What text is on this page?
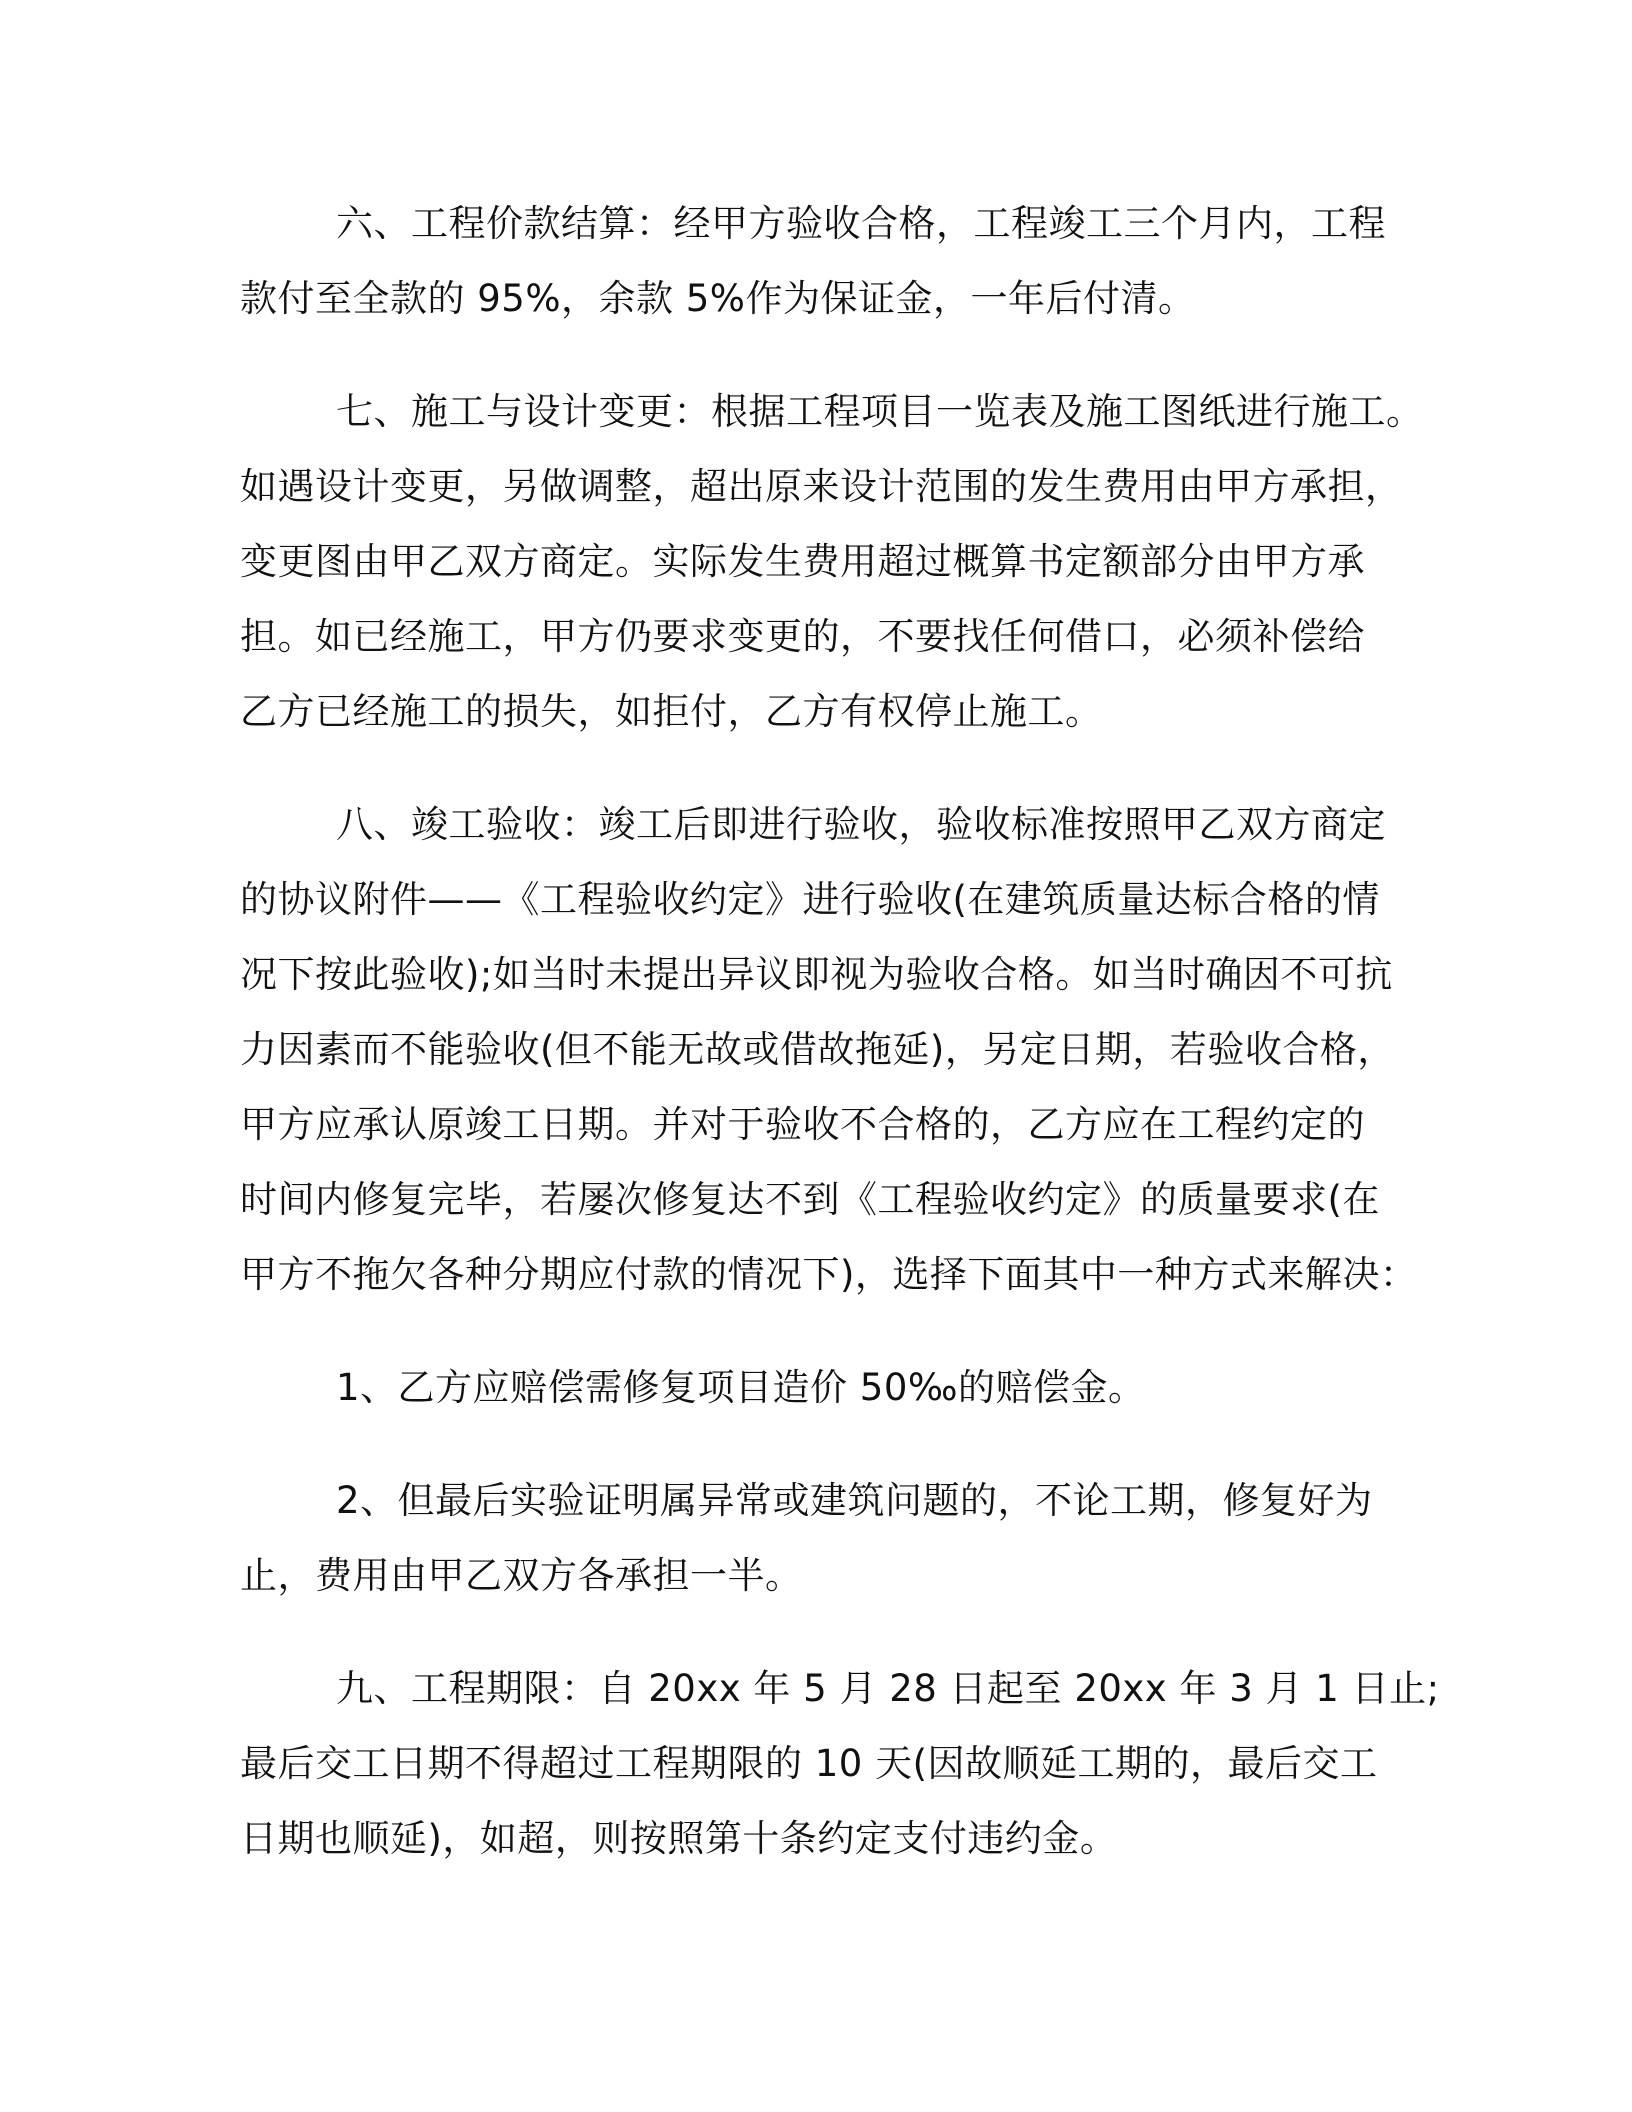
六、工程价款结算：经甲方验收合格，工程竣工三个月内，工程
款付至全款的 95%，余款 5%作为保证金，一年后付清。

七、施工与设计变更：根据工程项目一览表及施工图纸进行施工。
如遇设计变更，另做调整，超出原来设计范围的发生费用由甲方承担，
变更图由甲乙双方商定。实际发生费用超过概算书定额部分由甲方承
担。如已经施工，甲方仍要求变更的，不要找任何借口，必须补偿给
乙方已经施工的损失，如拒付，乙方有权停止施工。

八、竣工验收：竣工后即进行验收，验收标准按照甲乙双方商定
的协议附件——《工程验收约定》进行验收(在建筑质量达标合格的情
况下按此验收);如当时未提出异议即视为验收合格。如当时确因不可抗
力因素而不能验收(但不能无故或借故拖延)，另定日期，若验收合格，
甲方应承认原竣工日期。并对于验收不合格的，乙方应在工程约定的
时间内修复完毕，若屡次修复达不到《工程验收约定》的质量要求(在
甲方不拖欠各种分期应付款的情况下)，选择下面其中一种方式来解决：

1、乙方应赔偿需修复项目造价 50‰的赔偿金。

2、但最后实验证明属异常或建筑问题的，不论工期，修复好为
止，费用由甲乙双方各承担一半。

九、工程期限：自 20xx 年 5 月 28 日起至 20xx 年 3 月 1 日止;
最后交工日期不得超过工程期限的 10 天(因故顺延工期的，最后交工
日期也顺延)，如超，则按照第十条约定支付违约金。
